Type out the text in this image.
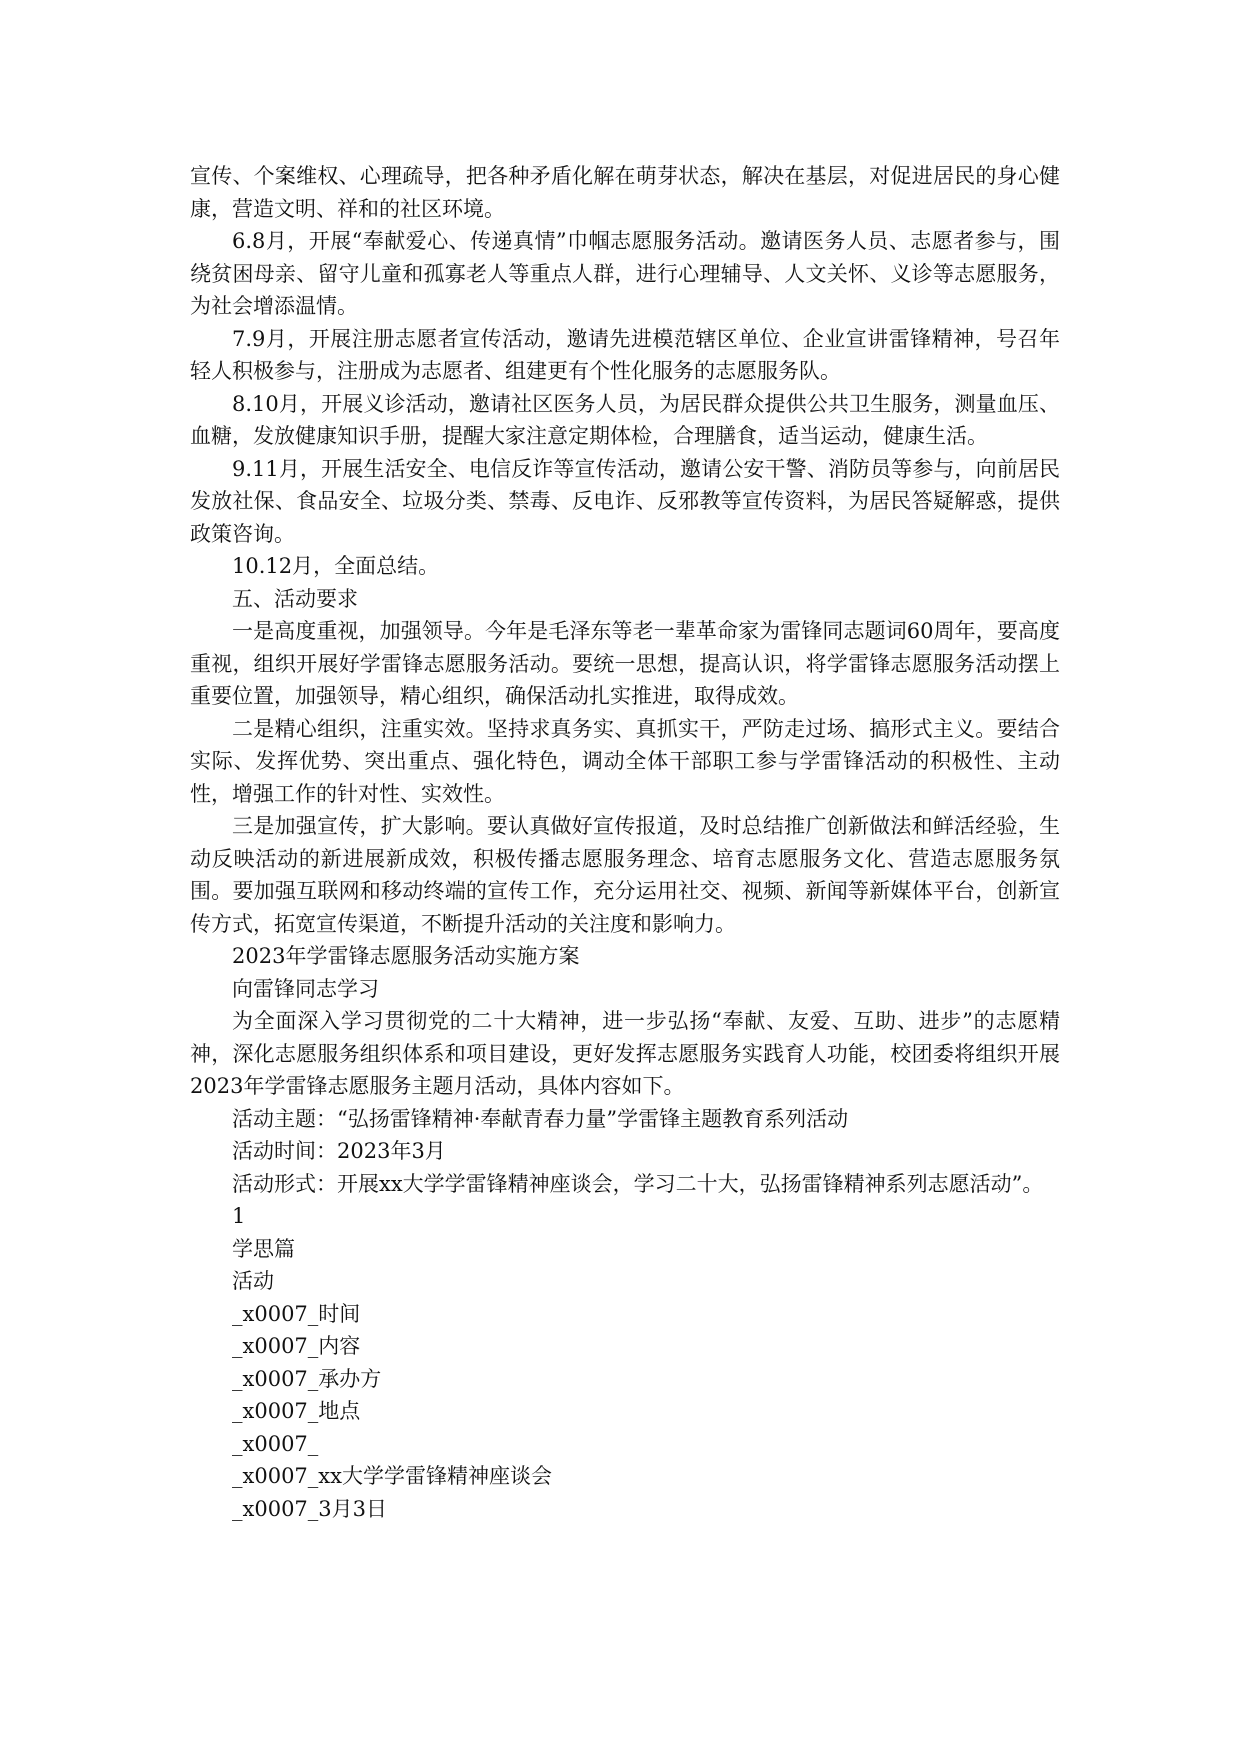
宣传、个案维权、心理疏导，把各种矛盾化解在萌芽状态，解决在基层，对促进居民的身心健康，营造文明、祥和的社区环境。

6.8月，开展“奉献爱心、传递真情”巾帼志愿服务活动。邀请医务人员、志愿者参与，围绕贫困母亲、留守儿童和孤寡老人等重点人群，进行心理辅导、人文关怀、义诊等志愿服务，为社会增添温情。

7.9月，开展注册志愿者宣传活动，邀请先进模范辖区单位、企业宣讲雷锋精神，号召年轻人积极参与，注册成为志愿者、组建更有个性化服务的志愿服务队。

8.10月，开展义诊活动，邀请社区医务人员，为居民群众提供公共卫生服务，测量血压、血糖，发放健康知识手册，提醒大家注意定期体检，合理膳食，适当运动，健康生活。

9.11月，开展生活安全、电信反诈等宣传活动，邀请公安干警、消防员等参与，向前居民发放社保、食品安全、垃圾分类、禁毒、反电诈、反邪教等宣传资料，为居民答疑解惑，提供政策咨询。

10.12月，全面总结。

五、活动要求

一是高度重视，加强领导。今年是毛泽东等老一辈革命家为雷锋同志题词60周年，要高度重视，组织开展好学雷锋志愿服务活动。要统一思想，提高认识，将学雷锋志愿服务活动摆上重要位置，加强领导，精心组织，确保活动扎实推进，取得成效。

二是精心组织，注重实效。坚持求真务实、真抓实干，严防走过场、搞形式主义。要结合实际、发挥优势、突出重点、强化特色，调动全体干部职工参与学雷锋活动的积极性、主动性，增强工作的针对性、实效性。

三是加强宣传，扩大影响。要认真做好宣传报道，及时总结推广创新做法和鲜活经验，生动反映活动的新进展新成效，积极传播志愿服务理念、培育志愿服务文化、营造志愿服务氛围。要加强互联网和移动终端的宣传工作，充分运用社交、视频、新闻等新媒体平台，创新宣传方式，拓宽宣传渠道，不断提升活动的关注度和影响力。

2023年学雷锋志愿服务活动实施方案

向雷锋同志学习

为全面深入学习贯彻党的二十大精神，进一步弘扬“奉献、友爱、互助、进步”的志愿精神，深化志愿服务组织体系和项目建设，更好发挥志愿服务实践育人功能，校团委将组织开展2023年学雷锋志愿服务主题月活动，具体内容如下。

活动主题：“弘扬雷锋精神·奉献青春力量”学雷锋主题教育系列活动

活动时间：2023年3月

活动形式：开展xx大学学雷锋精神座谈会，学习二十大，弘扬雷锋精神系列志愿活动”。

1
学思篇
活动
_x0007_时间
_x0007_内容
_x0007_承办方
_x0007_地点
_x0007_
_x0007_xx大学学雷锋精神座谈会
_x0007_3月3日
